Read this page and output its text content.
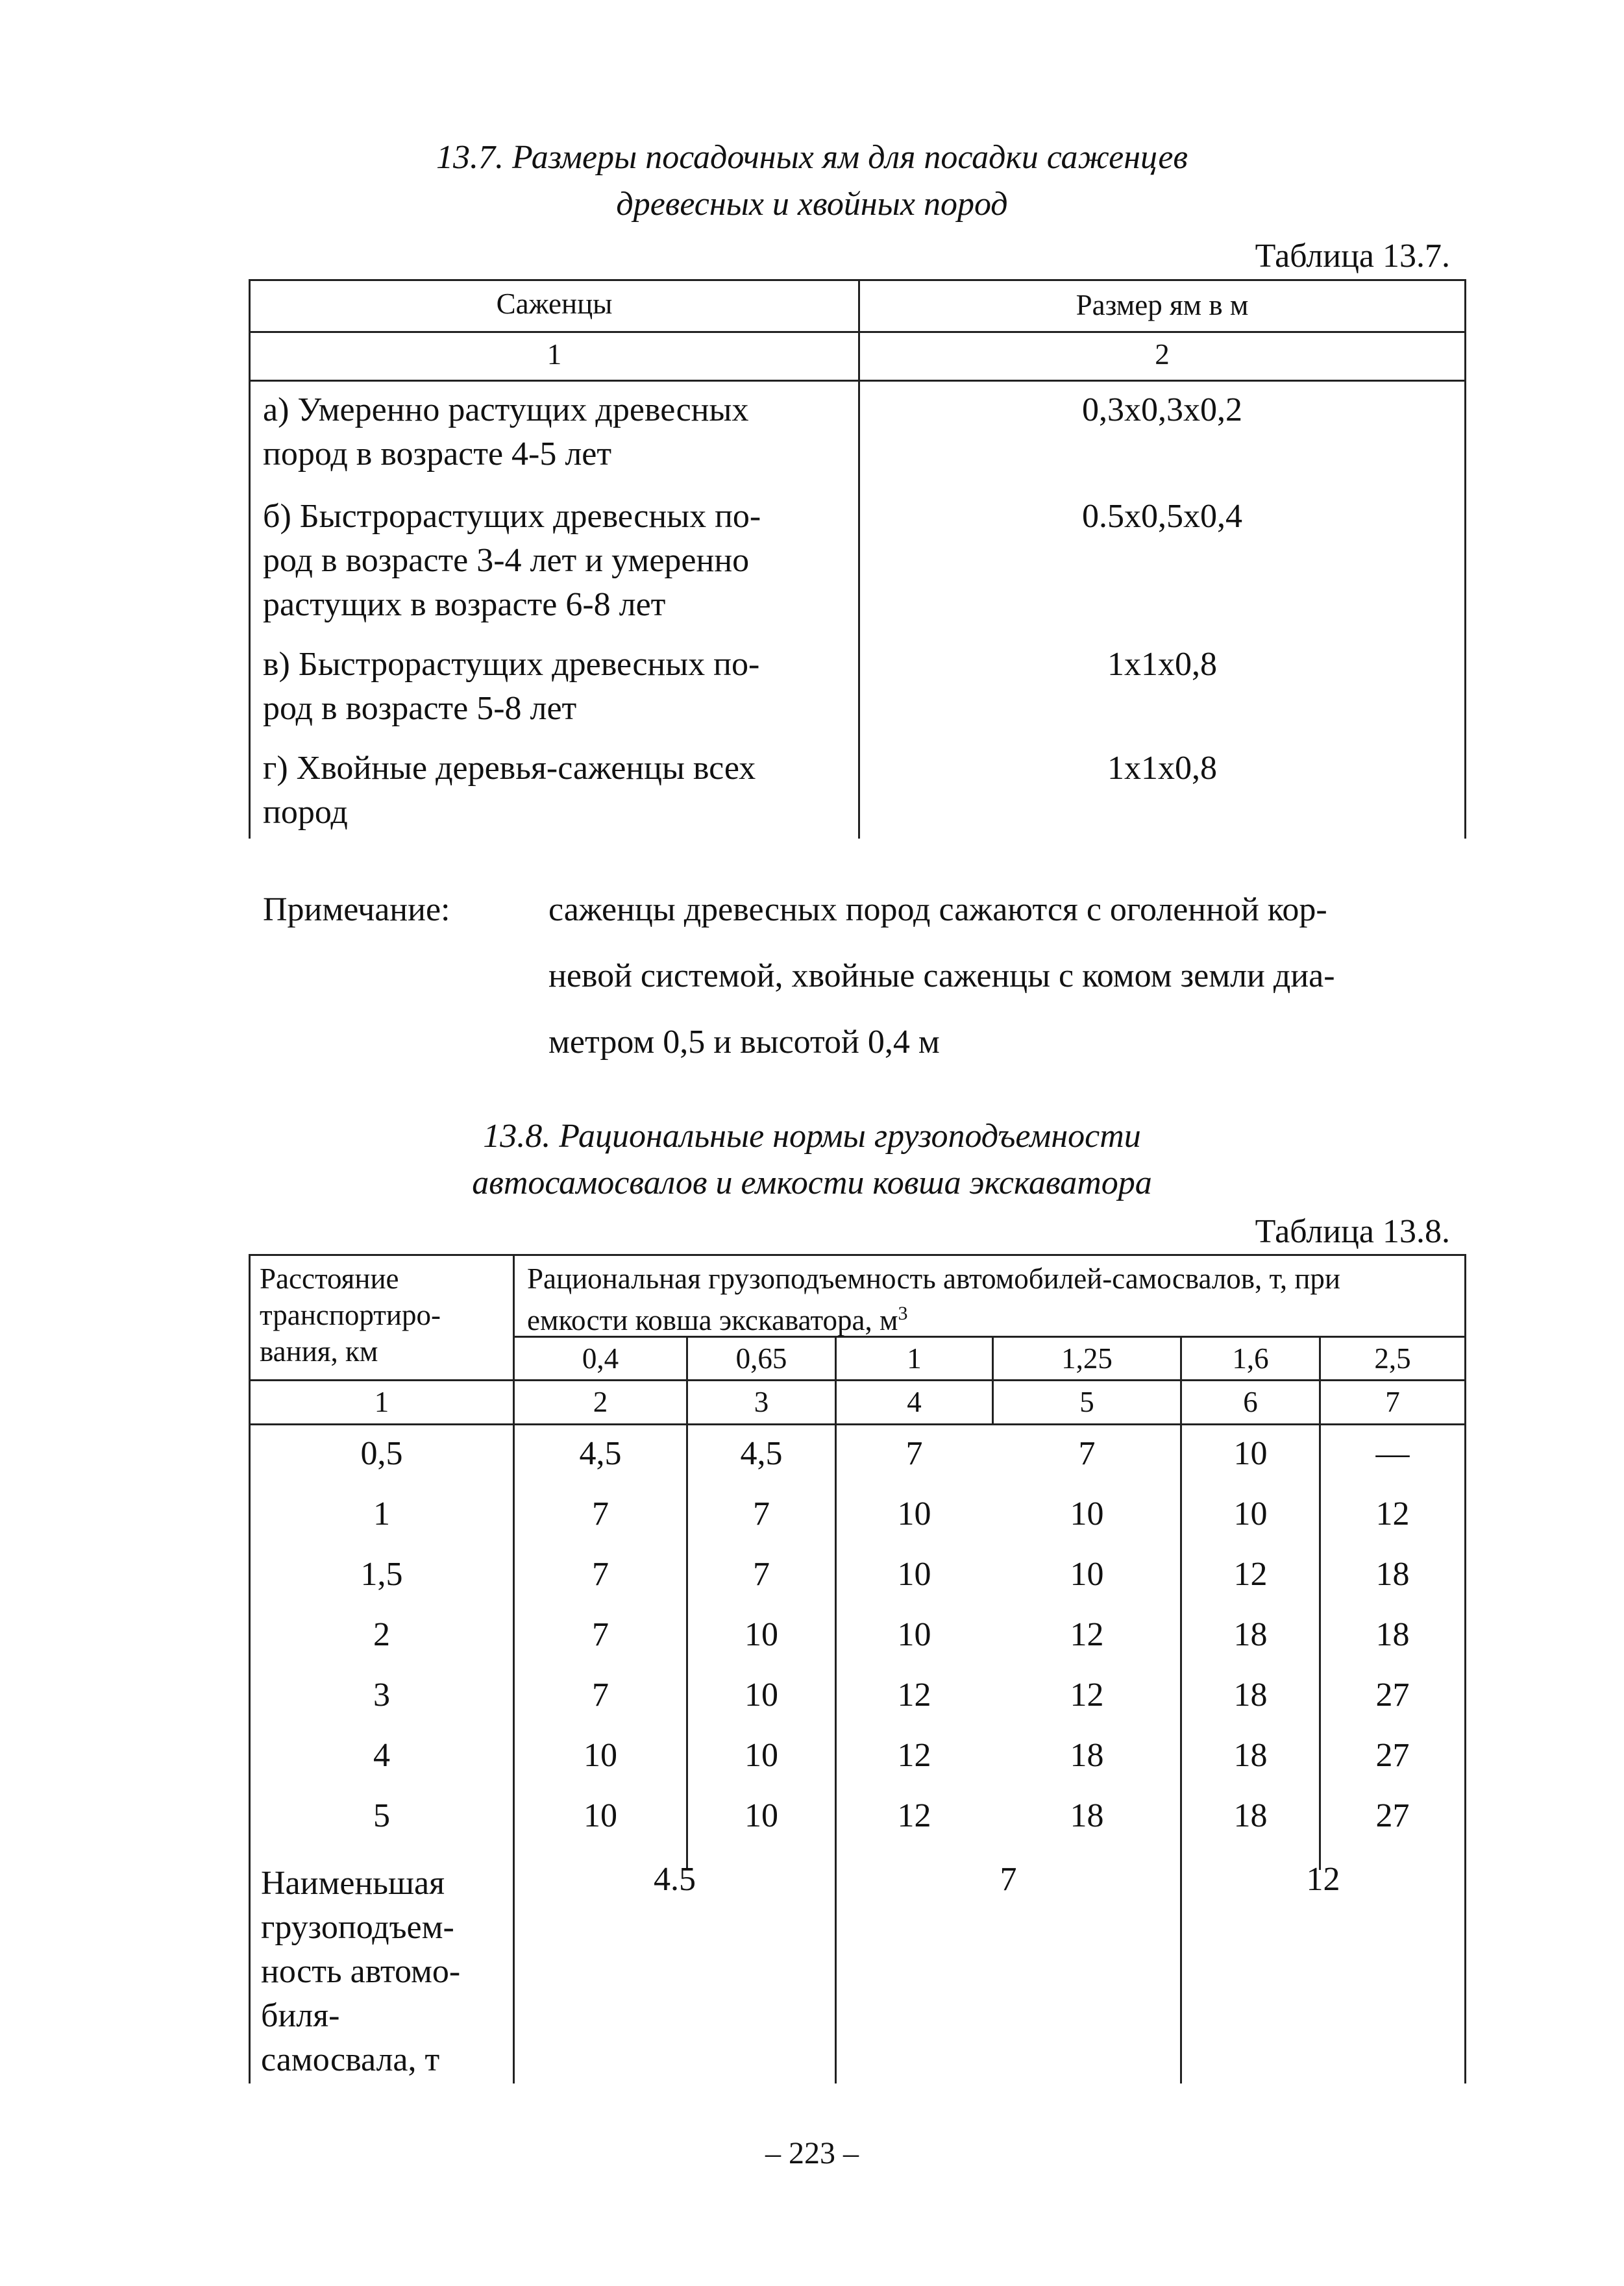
13.7. Размеры посадочных ям для посадки саженцев
древесных и хвойных пород
Таблица 13.7.
Саженцы	Размер ям в м
1	2
а) Умеренно растущих древесных
пород в возрасте 4-5 лет
0,3х0,3х0,2
б) Быстрорастущих древесных по-
род в возрасте 3-4 лет и умеренно
растущих в возрасте 6-8 лет
0.5х0,5х0,4
в) Быстрорастущих древесных по-
род в возрасте 5-8 лет
1х1х0,8
г) Хвойные деревья-саженцы всех
пород
1х1х0,8
Примечание:	саженцы древесных пород сажаются с оголенной кор-
невой системой, хвойные саженцы с комом земли диа-
метром 0,5 и высотой 0,4 м
13.8. Рациональные нормы грузоподъемности
автосамосвалов и емкости ковша экскаватора
Таблица 13.8.
Расстояние
транспортиро-
вания, км
Рациональная грузоподъемность автомобилей-самосвалов, т, при
емкости ковша экскаватора, $м^3$
0,4	0,65	1	1,25	1,6	2,5
1	2	3	4	5	6	7
0,5	4,5	4,5	7	7	10	—
1	7	7	10	10	10	12
1,5	7	7	10	10	12	18
2	7	10	10	12	18	18
3	7	10	12	12	18	27
4	10	10	12	18	18	27
5	10	10	12	18	18	27
Наименьшая
грузоподъем-
ность автомо-
биля-
самосвала, т
4.5	7	12
– 223 –
